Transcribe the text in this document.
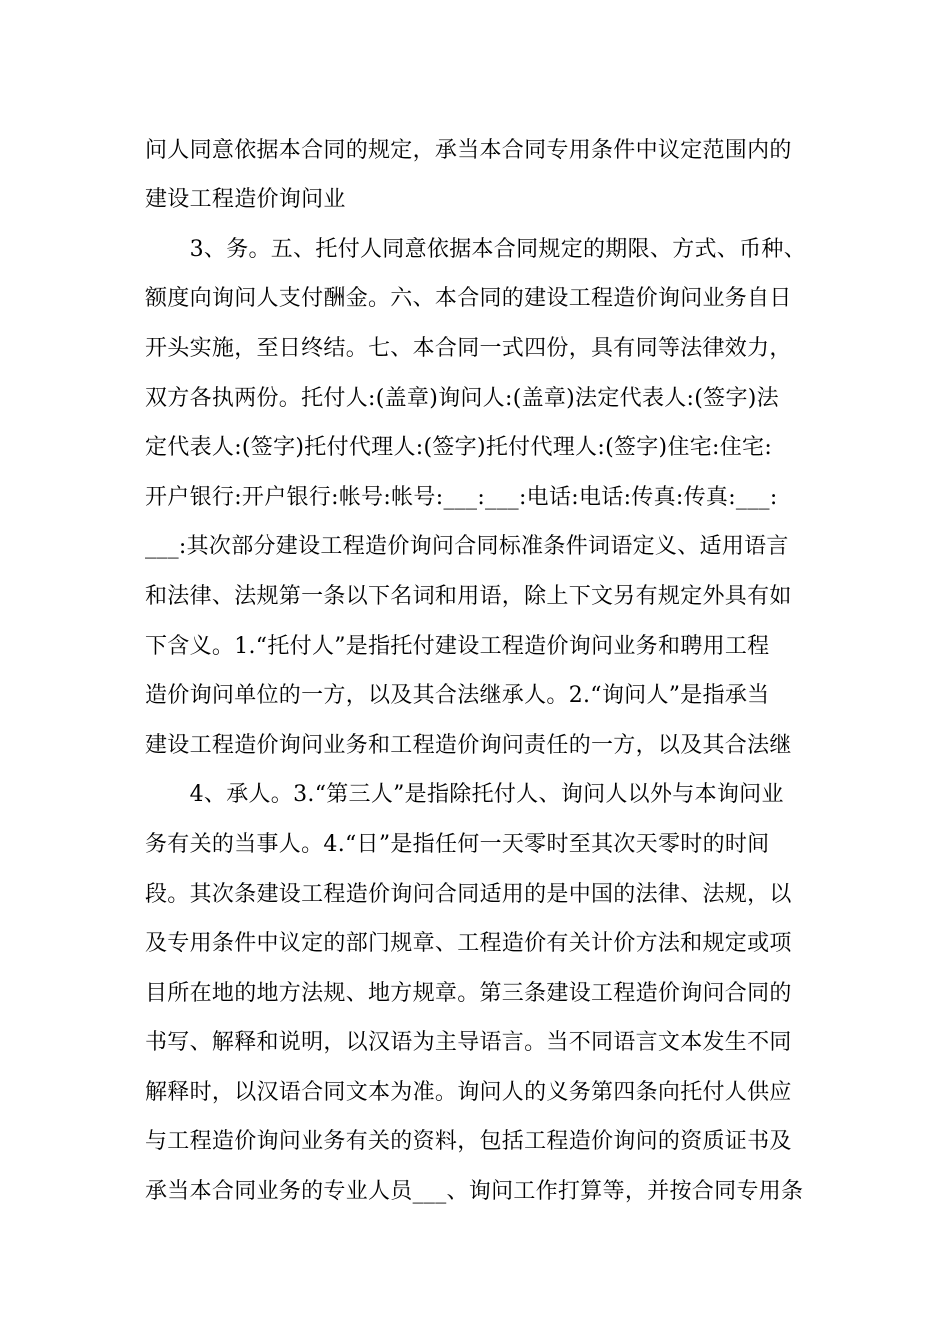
问人同意依据本合同的规定，承当本合同专用条件中议定范围内的
建设工程造价询问业
　　3、务。五、托付人同意依据本合同规定的期限、方式、币种、
额度向询问人支付酬金。六、本合同的建设工程造价询问业务自日
开头实施，至日终结。七、本合同一式四份，具有同等法律效力，
双方各执两份。托付人:(盖章)询问人:(盖章)法定代表人:(签字)法
定代表人:(签字)托付代理人:(签字)托付代理人:(签字)住宅:住宅:
开户银行:开户银行:帐号:帐号:___:___:电话:电话:传真:传真:___:
___:其次部分建设工程造价询问合同标准条件词语定义、适用语言
和法律、法规第一条以下名词和用语，除上下文另有规定外具有如
下含义。1.“托付人”是指托付建设工程造价询问业务和聘用工程
造价询问单位的一方，以及其合法继承人。2.“询问人”是指承当
建设工程造价询问业务和工程造价询问责任的一方，以及其合法继
　　4、承人。3.“第三人”是指除托付人、询问人以外与本询问业
务有关的当事人。4.“日”是指任何一天零时至其次天零时的时间
段。其次条建设工程造价询问合同适用的是中国的法律、法规，以
及专用条件中议定的部门规章、工程造价有关计价方法和规定或项
目所在地的地方法规、地方规章。第三条建设工程造价询问合同的
书写、解释和说明，以汉语为主导语言。当不同语言文本发生不同
解释时，以汉语合同文本为准。询问人的义务第四条向托付人供应
与工程造价询问业务有关的资料，包括工程造价询问的资质证书及
承当本合同业务的专业人员___、询问工作打算等，并按合同专用条
